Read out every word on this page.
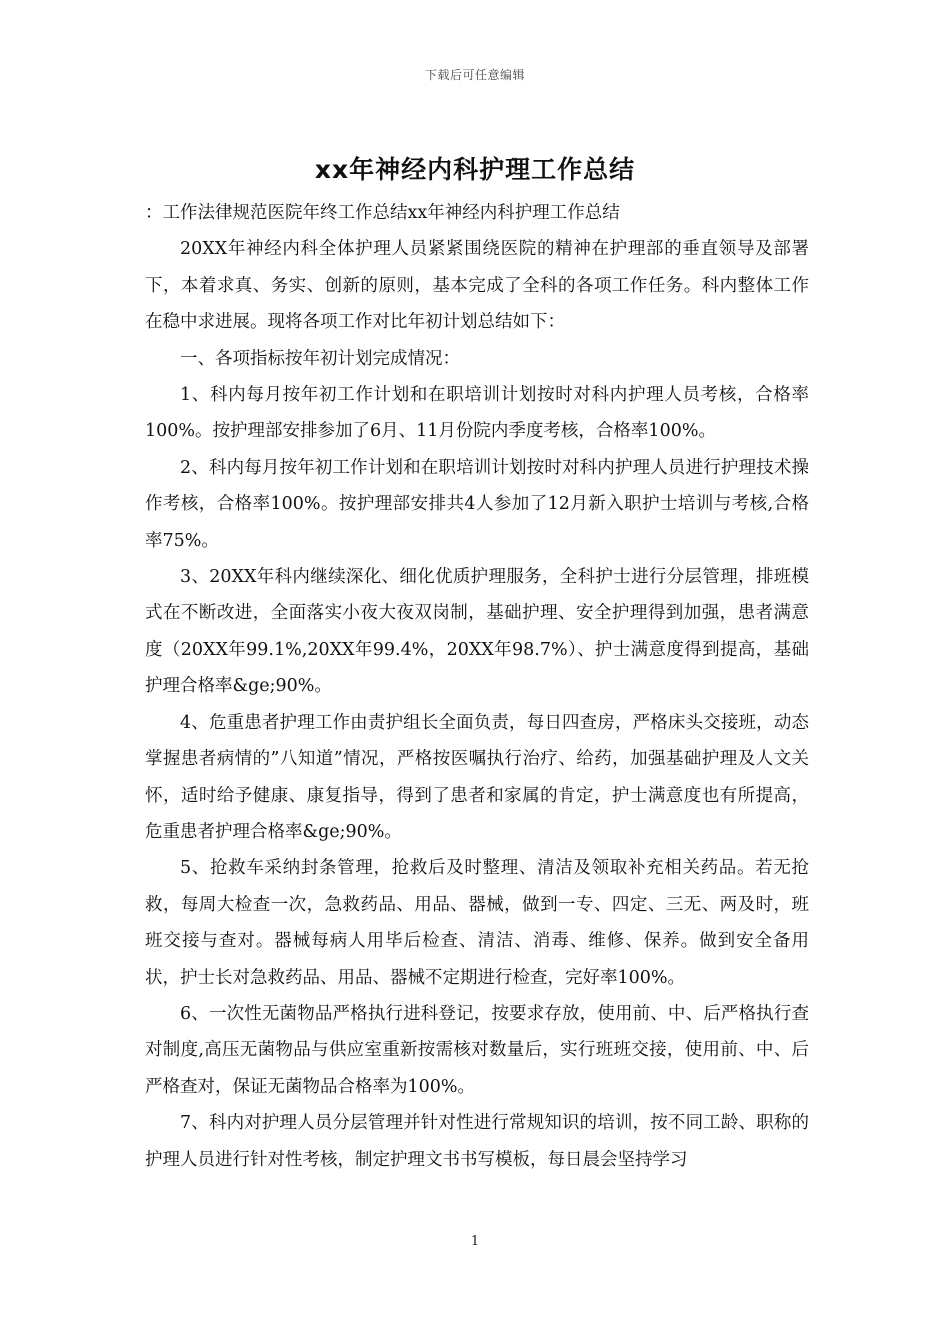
下载后可任意编辑
xx年神经内科护理工作总结

：工作法律规范医院年终工作总结xx年神经内科护理工作总结

20XX年神经内科全体护理人员紧紧围绕医院的精神在护理部的垂直领导及部署下，本着求真、务实、创新的原则，基本完成了全科的各项工作任务。科内整体工作在稳中求进展。现将各项工作对比年初计划总结如下：

一、各项指标按年初计划完成情况：

1、科内每月按年初工作计划和在职培训计划按时对科内护理人员考核，合格率100%。按护理部安排参加了6月、11月份院内季度考核，合格率100%。

2、科内每月按年初工作计划和在职培训计划按时对科内护理人员进行护理技术操作考核，合格率100%。按护理部安排共4人参加了12月新入职护士培训与考核,合格率75%。

3、20XX年科内继续深化、细化优质护理服务，全科护士进行分层管理，排班模式在不断改进，全面落实小夜大夜双岗制，基础护理、安全护理得到加强，患者满意度（20XX年99.1%,20XX年99.4%，20XX年98.7%）、护士满意度得到提高，基础护理合格率&ge;90%。

4、危重患者护理工作由责护组长全面负责，每日四查房，严格床头交接班，动态掌握患者病情的”八知道”情况，严格按医嘱执行治疗、给药，加强基础护理及人文关怀，适时给予健康、康复指导，得到了患者和家属的肯定，护士满意度也有所提高，危重患者护理合格率&ge;90%。

5、抢救车采纳封条管理，抢救后及时整理、清洁及领取补充相关药品。若无抢救，每周大检查一次，急救药品、用品、器械，做到一专、四定、三无、两及时，班班交接与查对。器械每病人用毕后检查、清洁、消毒、维修、保养。做到安全备用状，护士长对急救药品、用品、器械不定期进行检查，完好率100%。

6、一次性无菌物品严格执行进科登记，按要求存放，使用前、中、后严格执行查对制度,高压无菌物品与供应室重新按需核对数量后，实行班班交接，使用前、中、后严格查对，保证无菌物品合格率为100%。

7、科内对护理人员分层管理并针对性进行常规知识的培训，按不同工龄、职称的护理人员进行针对性考核，制定护理文书书写模板，每日晨会坚持学习

1
